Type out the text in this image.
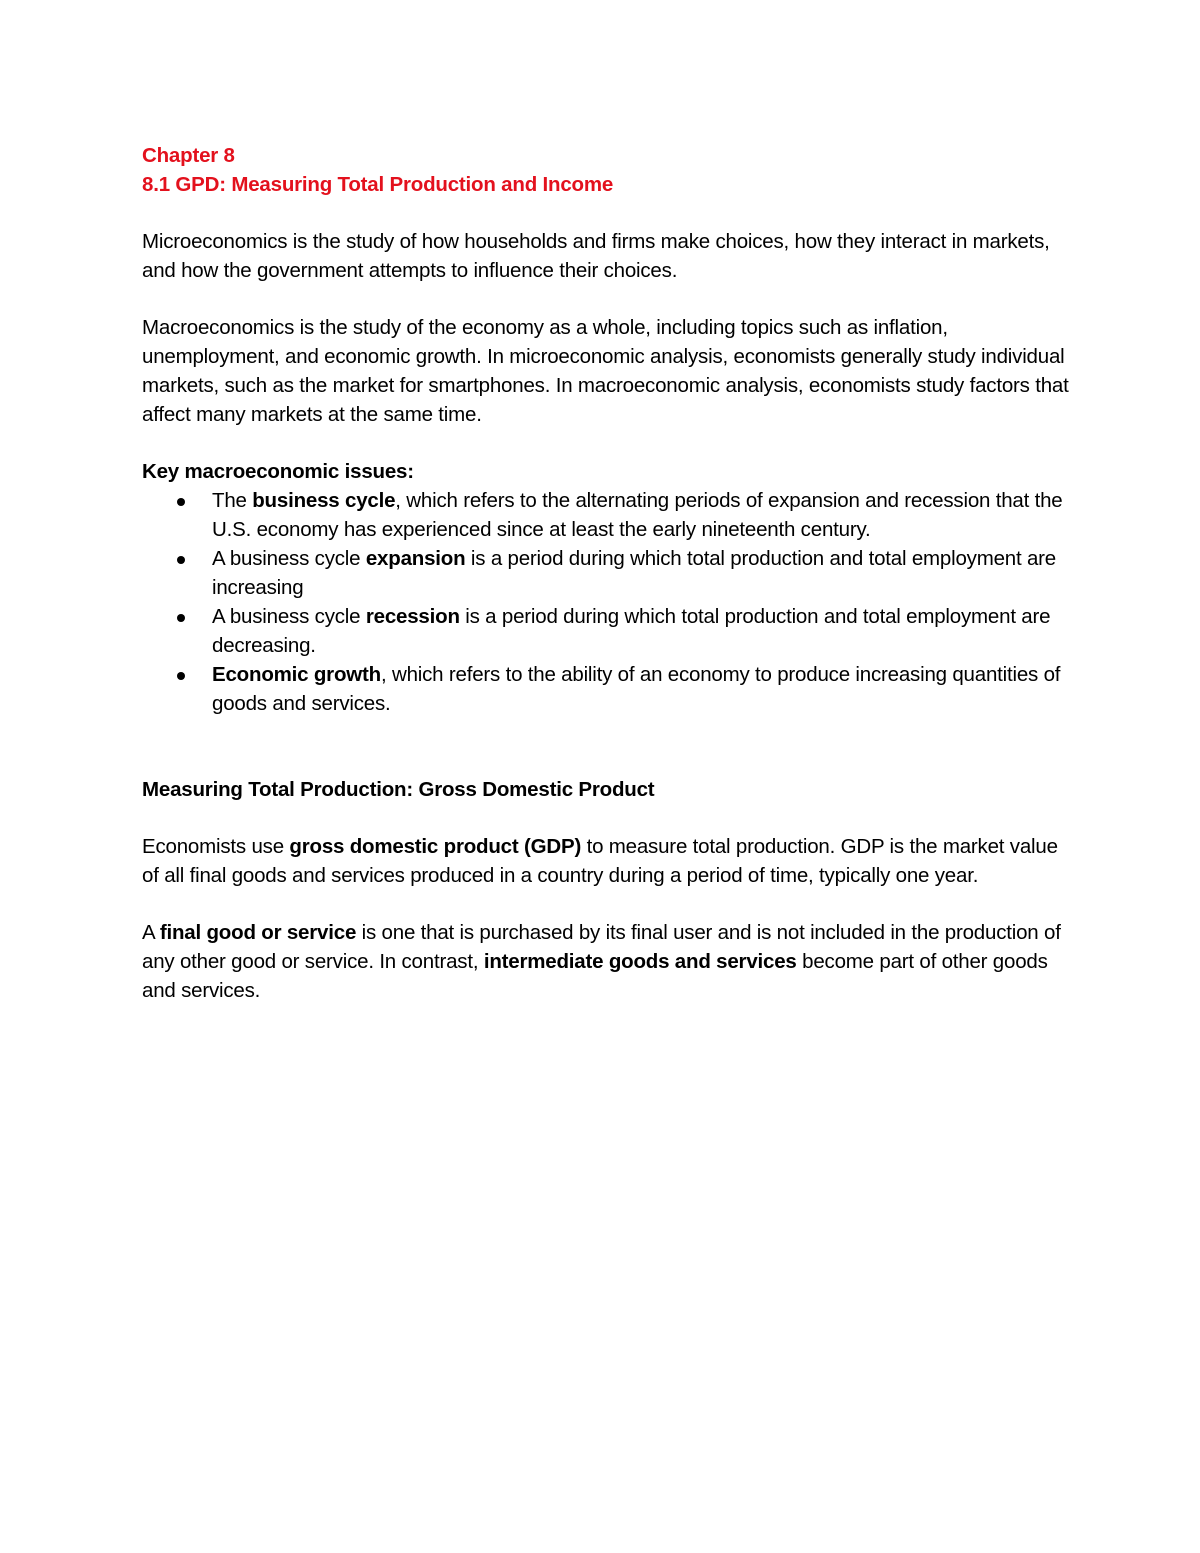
Chapter 8

8.1 GPD: Measuring Total Production and Income

Microeconomics is the study of how households and firms make choices, how they interact in markets, and how the government attempts to influence their choices.

Macroeconomics is the study of the economy as a whole, including topics such as inflation, unemployment, and economic growth. In microeconomic analysis, economists generally study individual markets, such as the market for smartphones. In macroeconomic analysis, economists study factors that affect many markets at the same time.

Key macroeconomic issues:

The business cycle, which refers to the alternating periods of expansion and recession that the U.S. economy has experienced since at least the early nineteenth century.
A business cycle expansion is a period during which total production and total employment are increasing
A business cycle recession is a period during which total production and total employment are decreasing.
Economic growth, which refers to the ability of an economy to produce increasing quantities of goods and services.

Measuring Total Production: Gross Domestic Product

Economists use gross domestic product (GDP) to measure total production. GDP is the market value of all final goods and services produced in a country during a period of time, typically one year.

A final good or service is one that is purchased by its final user and is not included in the production of any other good or service. In contrast, intermediate goods and services become part of other goods and services.
